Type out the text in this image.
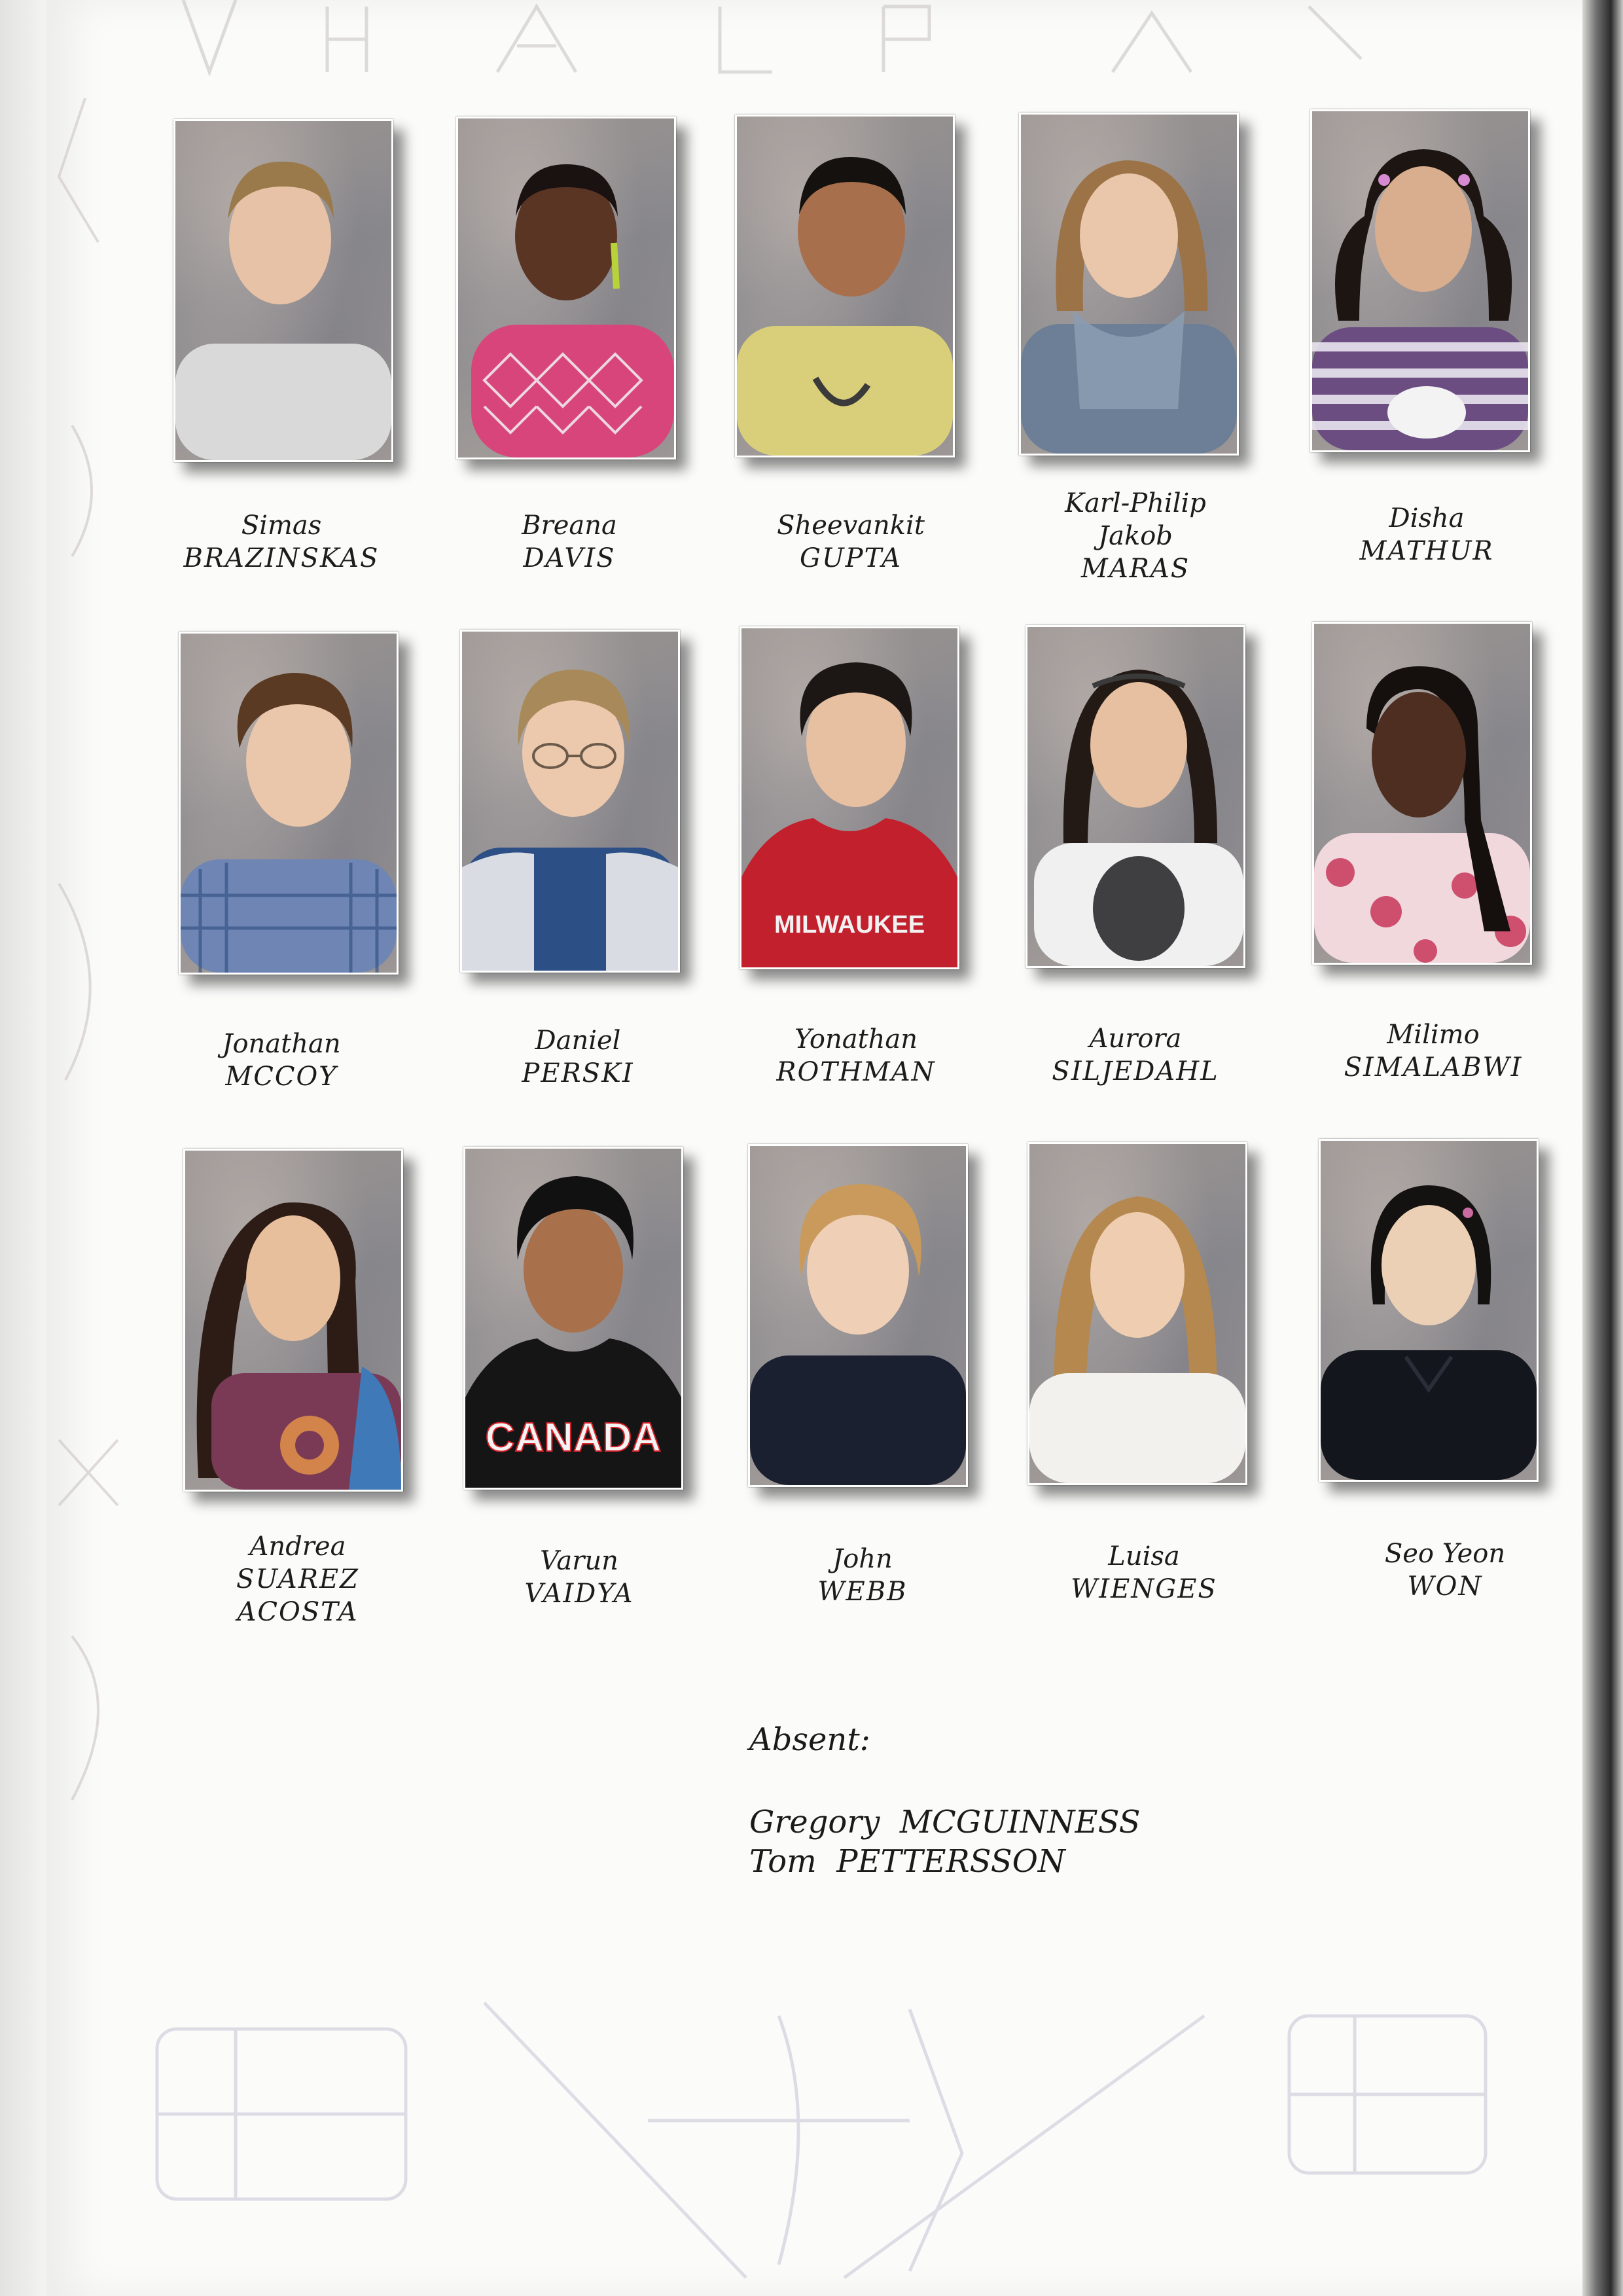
MILWAUKEE
CANADA
Simas
BRAZINSKAS
Breana
DAVIS
Sheevankit
GUPTA
Karl-Philip
Jakob
MARAS
Disha
MATHUR
Jonathan
MCCOY
Daniel
PERSKI
Yonathan
ROTHMAN
Aurora
SILJEDAHL
Milimo
SIMALABWI
Andrea
SUAREZ
ACOSTA
Varun
VAIDYA
John
WEBB
Luisa
WIENGES
Seo Yeon
WON
Absent:
Gregory MCGUINNESS
Tom PETTERSSON
